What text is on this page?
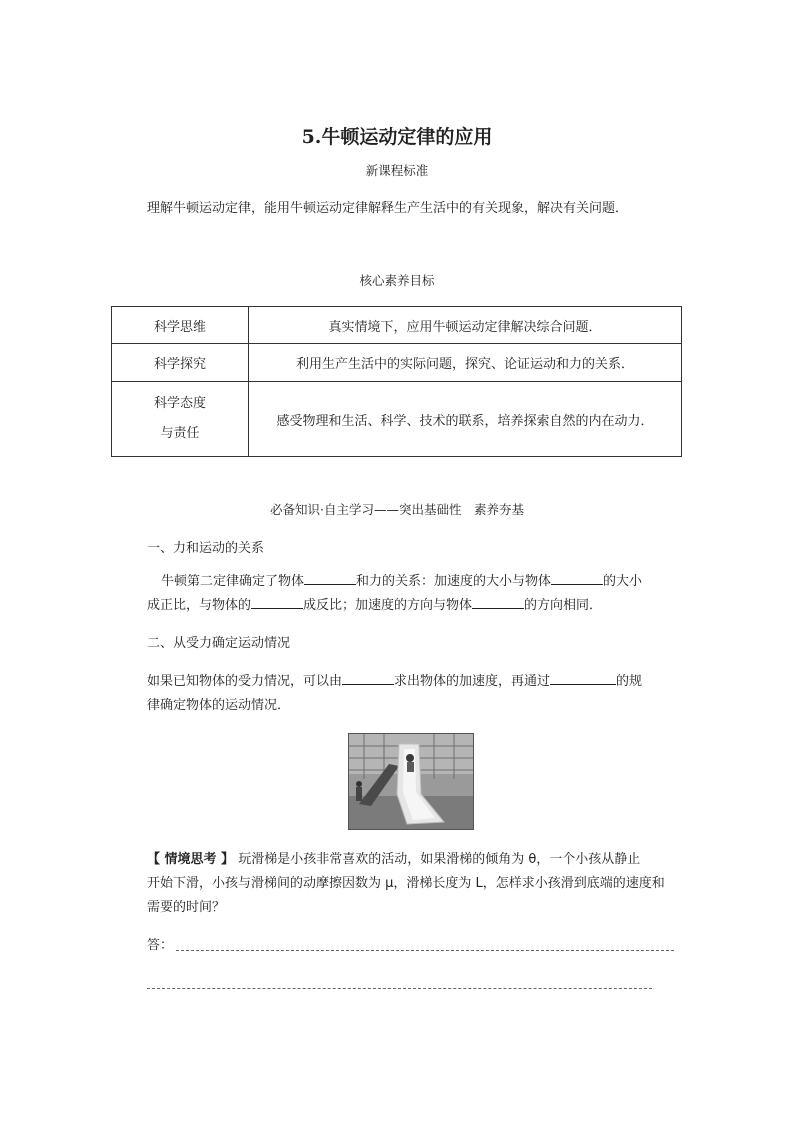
5.牛顿运动定律的应用
新课程标准
理解牛顿运动定律，能用牛顿运动定律解释生产生活中的有关现象，解决有关问题．
核心素养目标
科学思维	真实情境下，应用牛顿运动定律解决综合问题．
科学探究	利用生产生活中的实际问题，探究、论证运动和力的关系．

科学态度
与责任	感受物理和生活、科学、技术的联系，培养探索自然的内在动力．
必备知识·自主学习——突出基础性　素养夯基
一、力和运动的关系
牛顿第二定律确定了物体	和力的关系：加速度的大小与物体	的大小
成正比，与物体的	成反比；加速度的方向与物体	的方向相同．
二、从受力确定运动情况
如果已知物体的受力情况，可以由	求出物体的加速度，再通过	的规
律确定物体的运动情况．
【 情境思考 】 玩滑梯是小孩非常喜欢的活动，如果滑梯的倾角为 θ，一个小孩从静止
开始下滑，小孩与滑梯间的动摩擦因数为 μ，滑梯长度为 L，怎样求小孩滑到底端的速度和
需要的时间？
答：
